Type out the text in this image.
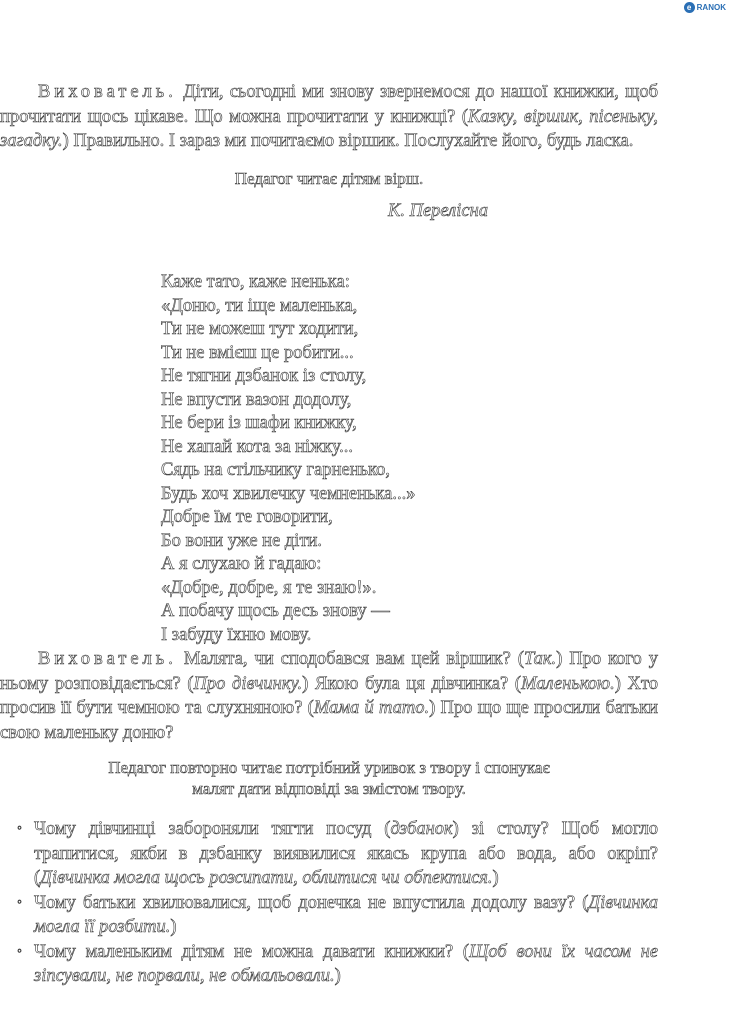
e RANOK

Вихователь. Діти, сьогодні ми знову звернемося до нашої книжки, щоб прочитати щось цікаве. Що можна прочитати у книжці? (Казку, віршик, пісеньку, загадку.) Правильно. І зараз ми почитаємо віршик. Послухайте його, будь ласка.

Педагог читає дітям вірш.

К. Перелісна

Каже тато, каже ненька:
«Доню, ти іще маленька,
Ти не можеш тут ходити,
Ти не вмієш це робити...
Не тягни дзбанок із столу,
Не впусти вазон додолу,
Не бери із шафи книжку,
Не хапай кота за ніжку...
Сядь на стільчику гарненько,
Будь хоч хвилечку чемненька...»
Добре їм те говорити,
Бо вони уже не діти.
А я слухаю й гадаю:
«Добре, добре, я те знаю!».
А побачу щось десь знову —
І забуду їхню мову.

Вихователь. Малята, чи сподобався вам цей віршик? (Так.) Про кого у ньому розповідається? (Про дівчинку.) Якою була ця дівчинка? (Маленькою.) Хто просив її бути чемною та слухняною? (Мама й тато.) Про що ще просили батьки свою маленьку доню?

Педагог повторно читає потрібний уривок з твору і спонукає
малят дати відповіді за змістом твору.

◦ Чому дівчинці забороняли тягти посуд (дзбанок) зі столу? Щоб могло трапитися, якби в дзбанку виявилися якась крупа або вода, або окріп? (Дівчинка могла щось розсипати, облитися чи обпектися.)
◦ Чому батьки хвилювалися, щоб донечка не впустила додолу вазу? (Дівчинка могла її розбити.)
◦ Чому маленьким дітям не можна давати книжки? (Щоб вони їх часом не зіпсували, не порвали, не обмальовали.)
